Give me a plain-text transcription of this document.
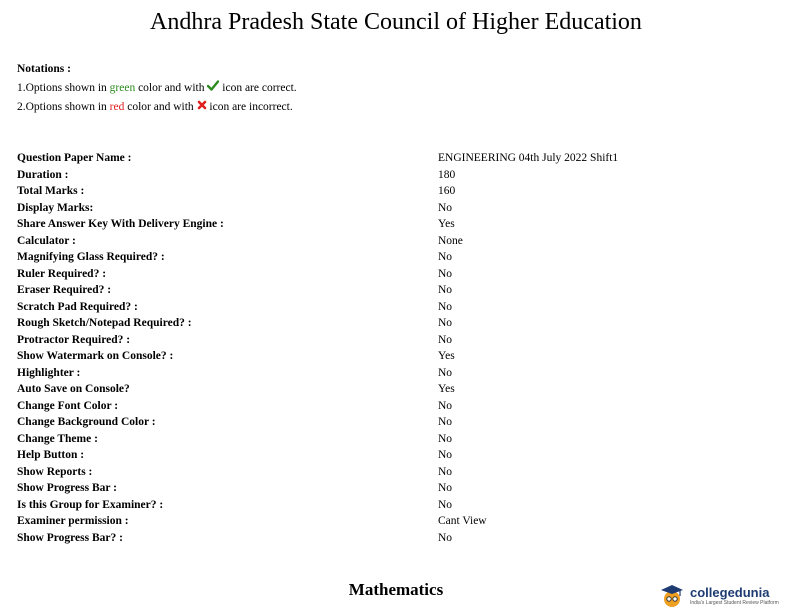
Andhra Pradesh State Council of Higher Education
Notations :
1.Options shown in green color and with  icon are correct.
2.Options shown in red color and with  icon are incorrect.
Question Paper Name :	ENGINEERING 04th July 2022 Shift1
Duration :	180
Total Marks :	160
Display Marks:	No
Share Answer Key With Delivery Engine :	Yes
Calculator :	None
Magnifying Glass Required? :	No
Ruler Required? :	No
Eraser Required? :	No
Scratch Pad Required? :	No
Rough Sketch/Notepad Required? :	No
Protractor Required? :	No
Show Watermark on Console? :	Yes
Highlighter :	No
Auto Save on Console?	Yes
Change Font Color :	No
Change Background Color :	No
Change Theme :	No
Help Button :	No
Show Reports :	No
Show Progress Bar :	No
Is this Group for Examiner? :	No
Examiner permission :	Cant View
Show Progress Bar? :	No
Mathematics	collegedunia
India's Largest Student Review Platform
